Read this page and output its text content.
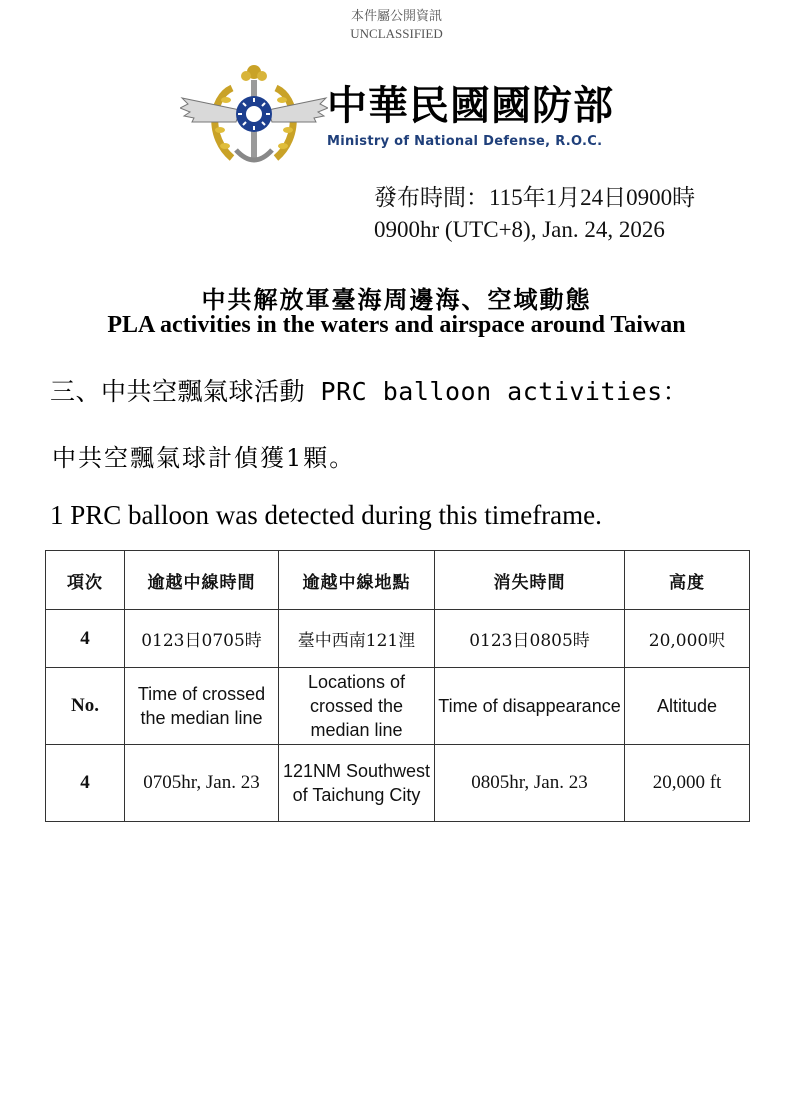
本件屬公開資訊
UNCLASSIFIED
中華民國國防部
Ministry of National Defense, R.O.C.
發布時間：115年1月24日0900時
0900hr (UTC+8), Jan. 24, 2026
中共解放軍臺海周邊海、空域動態
PLA activities in the waters and airspace around Taiwan
三、中共空飄氣球活動 PRC balloon activities：
中共空飄氣球計偵獲1顆。
1 PRC balloon was detected during this timeframe.
項次	逾越中線時間	逾越中線地點	消失時間	高度
4	0123日0705時	臺中西南121浬	0123日0805時	20,000呎
No.	Time of crossed the median line	Locations of crossed the median line	Time of disappearance	Altitude
4	0705hr, Jan. 23	121NM Southwest of Taichung City	0805hr, Jan. 23	20,000 ft
